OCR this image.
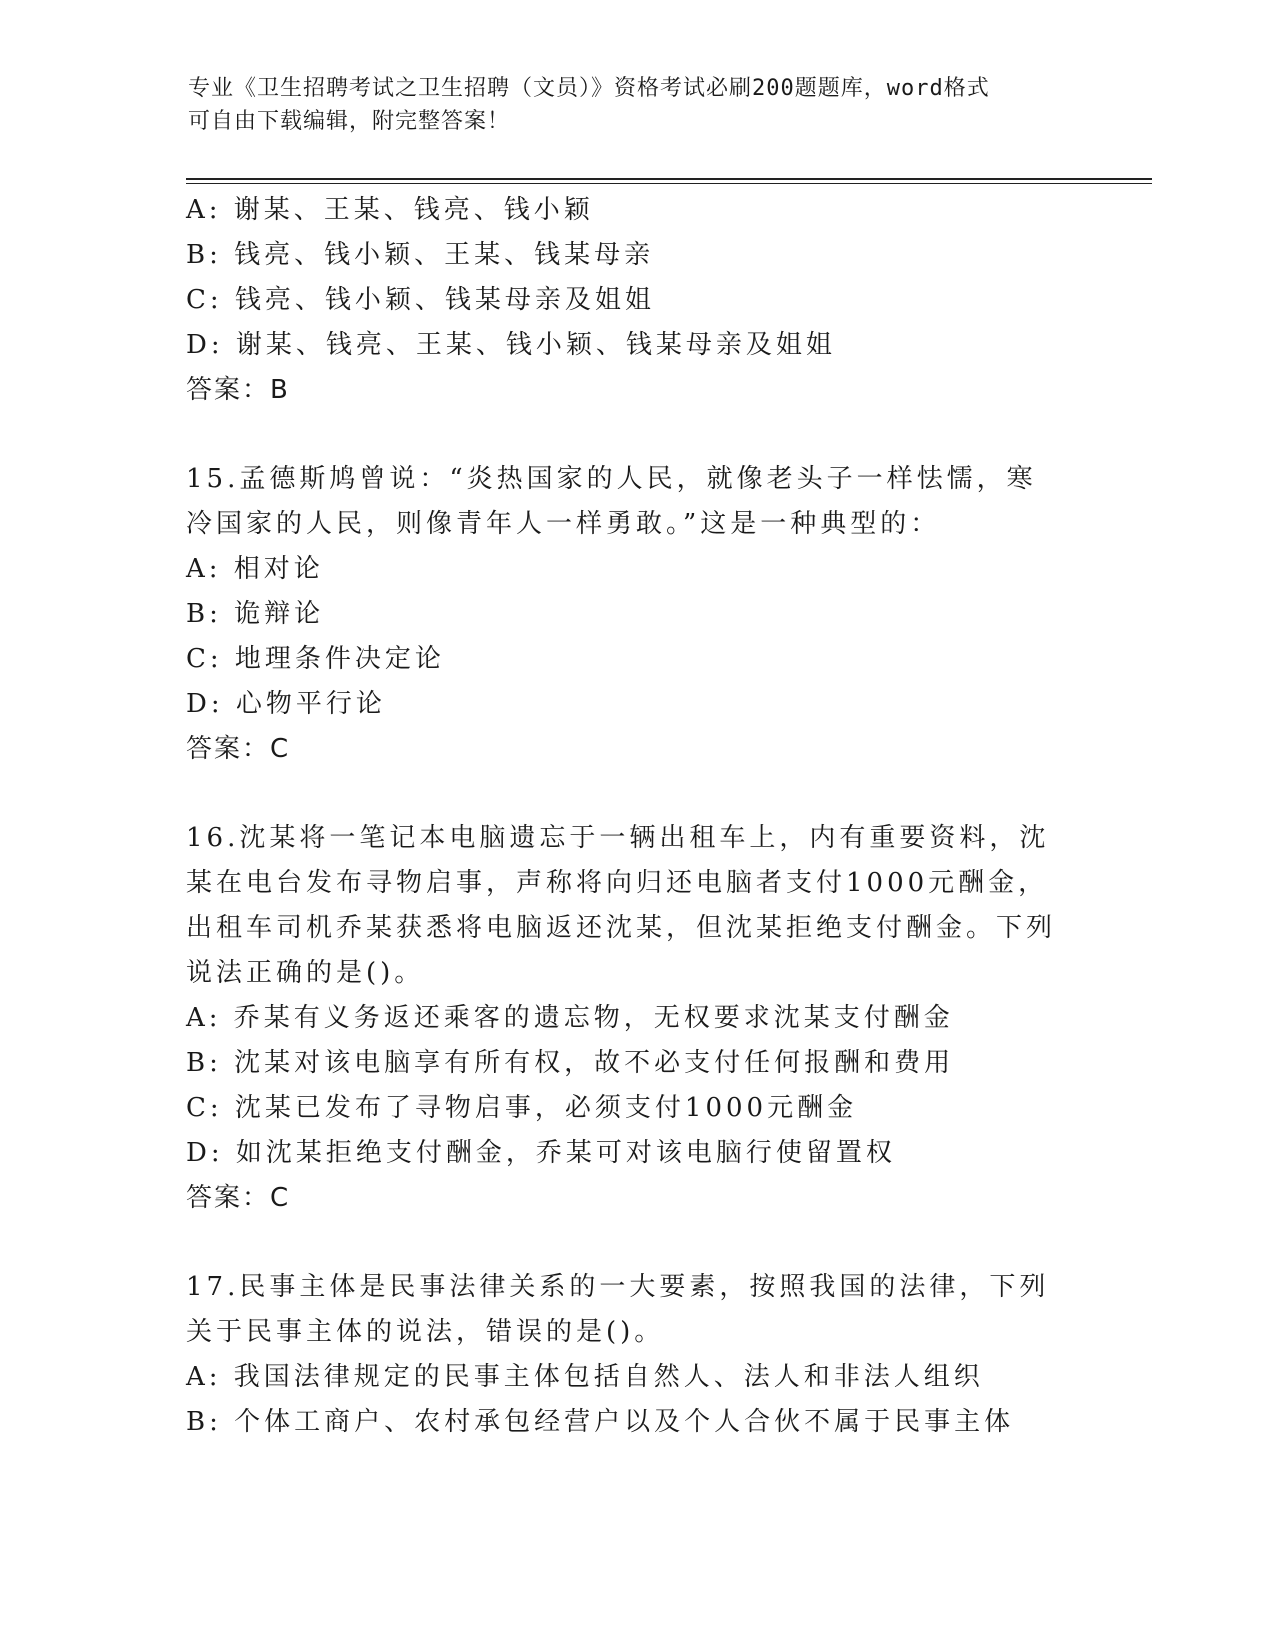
专业《卫生招聘考试之卫生招聘（文员）》资格考试必刷200题题库，word格式
可自由下载编辑，附完整答案！
A: 谢某、王某、钱亮、钱小颖
B: 钱亮、钱小颖、王某、钱某母亲
C: 钱亮、钱小颖、钱某母亲及姐姐
D: 谢某、钱亮、王某、钱小颖、钱某母亲及姐姐
答案：B
15.孟德斯鸠曾说：“炎热国家的人民，就像老头子一样怯懦，寒冷国家的人民，则像青年人一样勇敢。”这是一种典型的：
A: 相对论
B: 诡辩论
C: 地理条件决定论
D: 心物平行论
答案：C
16.沈某将一笔记本电脑遗忘于一辆出租车上，内有重要资料，沈某在电台发布寻物启事，声称将向归还电脑者支付1000元酬金，出租车司机乔某获悉将电脑返还沈某，但沈某拒绝支付酬金。下列说法正确的是()。
A: 乔某有义务返还乘客的遗忘物，无权要求沈某支付酬金
B: 沈某对该电脑享有所有权，故不必支付任何报酬和费用
C: 沈某已发布了寻物启事，必须支付1000元酬金
D: 如沈某拒绝支付酬金，乔某可对该电脑行使留置权
答案：C
17.民事主体是民事法律关系的一大要素，按照我国的法律，下列关于民事主体的说法，错误的是()。
A: 我国法律规定的民事主体包括自然人、法人和非法人组织
B: 个体工商户、农村承包经营户以及个人合伙不属于民事主体
